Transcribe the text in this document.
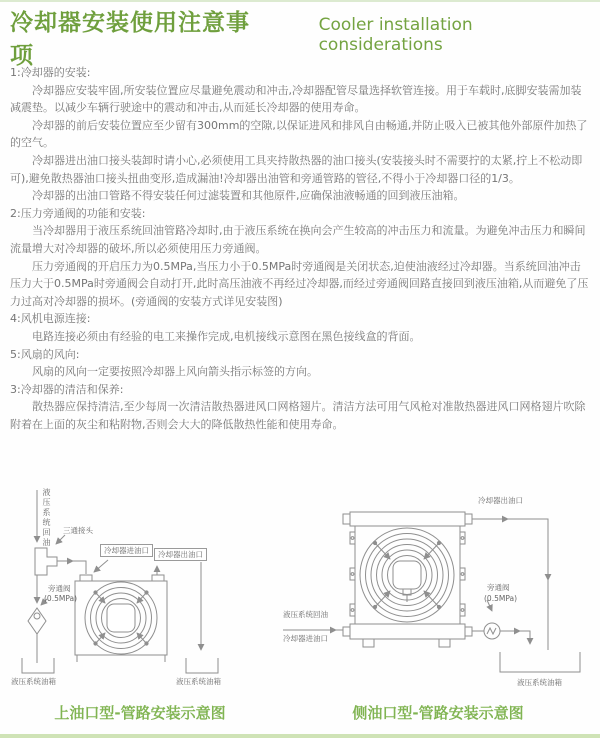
冷却器安装使用注意事项
Cooler installation considerations
1:冷却器的安装:

冷却器应安装牢固,所安装位置应尽量避免震动和冲击,冷却器配管尽量选择软管连接。用于车载时,底脚安装需加装减震垫。以减少车辆行驶途中的震动和冲击,从而延长冷却器的使用寿命。

冷却器的前后安装位置应至少留有300mm的空隙,以保证进风和排风自由畅通,并防止吸入已被其他外部原件加热了的空气。

冷却器进出油口接头装卸时请小心,必须使用工具夹持散热器的油口接头(安装接头时不需要拧的太紧,拧上不松动即可),避免散热器油口接头扭曲变形,造成漏油!冷却器出油管和旁通管路的管径,不得小于冷却器口径的1/3。

冷却器的出油口管路不得安装任何过滤装置和其他原件,应确保油液畅通的回到液压油箱。

2:压力旁通阀的功能和安装:

当冷却器用于液压系统回油管路冷却时,由于液压系统在换向会产生较高的冲击压力和流量。为避免冲击压力和瞬间流量增大对冷却器的破坏,所以必须使用压力旁通阀。

压力旁通阀的开启压力为0.5MPa,当压力小于0.5MPa时旁通阀是关闭状态,迫使油液经过冷却器。当系统回油冲击压力大于0.5MPa时旁通阀会自动打开,此时高压油液不再经过冷却器,而经过旁通阀回路直接回到液压油箱,从而避免了压力过高对冷却器的损坏。(旁通阀的安装方式详见安装图)

4:风机电源连接:

电路连接必须由有经验的电工来操作完成,电机接线示意图在黑色接线盒的背面。

5:风扇的风向:

风扇的风向一定要按照冷却器上风向箭头指示标签的方向。

3:冷却器的清洁和保养:

散热器应保持清洁,至少每周一次清洁散热器进风口网格翅片。清洁方法可用气风枪对准散热器进风口网格翅片吹除附着在上面的灰尘和粘附物,否则会大大的降低散热性能和使用寿命。

液压系统回油 三通接头
冷却器进油口	冷却器出油口
旁通阀
(0.5MPa)
液压系统油箱	液压系统油箱
上油口型-管路安装示意图
液压系统回油
冷却器进油口
冷却器出油口
旁通阀
(0.5MPa)
液压系统油箱
侧油口型-管路安装示意图
